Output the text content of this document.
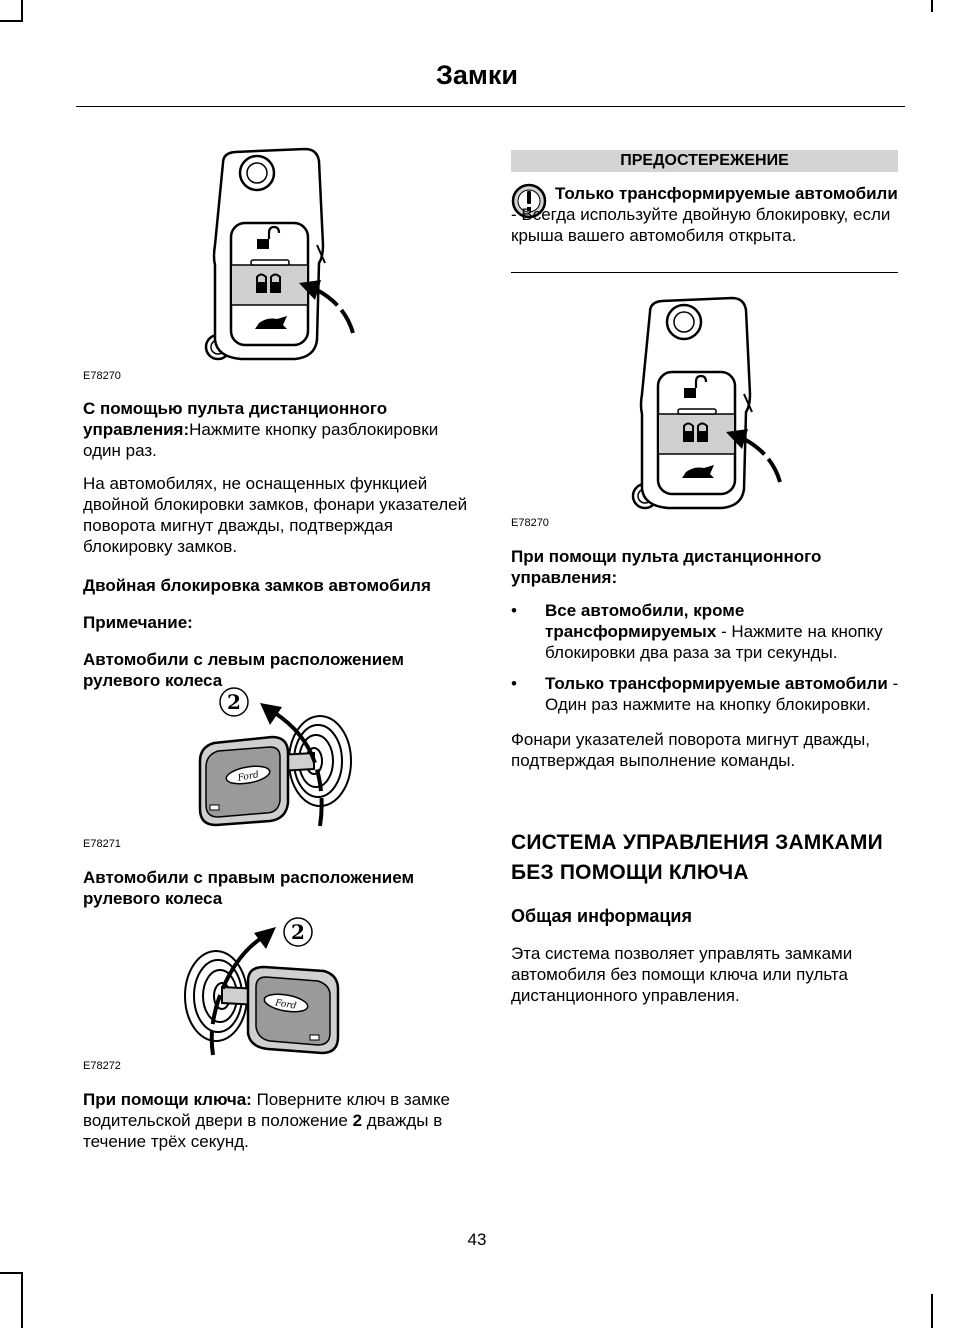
Замки
E78270

С помощью пульта дистанционного управления:Нажмите кнопку разблокировки один раз.

На автомобилях, не оснащенных функцией двойной блокировки замков, фонари указателей поворота мигнут дважды, подтверждая блокировку замков.

Двойная блокировка замков автомобиля

Примечание:

Автомобили с левым расположением рулевого колеса

Ford
2
E78271

Автомобили с правым расположением рулевого колеса

Ford
2
E78272

При помощи ключа: Поверните ключ в замке водительской двери в положение 2 дважды в течение трёх секунд.

ПРЕДОСТЕРЕЖЕНИЕ

Только трансформируемые автомобили - Всегда используйте двойную блокировку, если крыша вашего автомобиля открыта.

E78270

При помощи пульта дистанционного управления:

• Все автомобили, кроме трансформируемых - Нажмите на кнопку блокировки два раза за три секунды.
• Только трансформируемые автомобили - Один раз нажмите на кнопку блокировки.

Фонари указателей поворота мигнут дважды, подтверждая выполнение команды.

СИСТЕМА УПРАВЛЕНИЯ ЗАМКАМИ БЕЗ ПОМОЩИ КЛЮЧА
Общая информация

Эта система позволяет управлять замками автомобиля без помощи ключа или пульта дистанционного управления.

43
